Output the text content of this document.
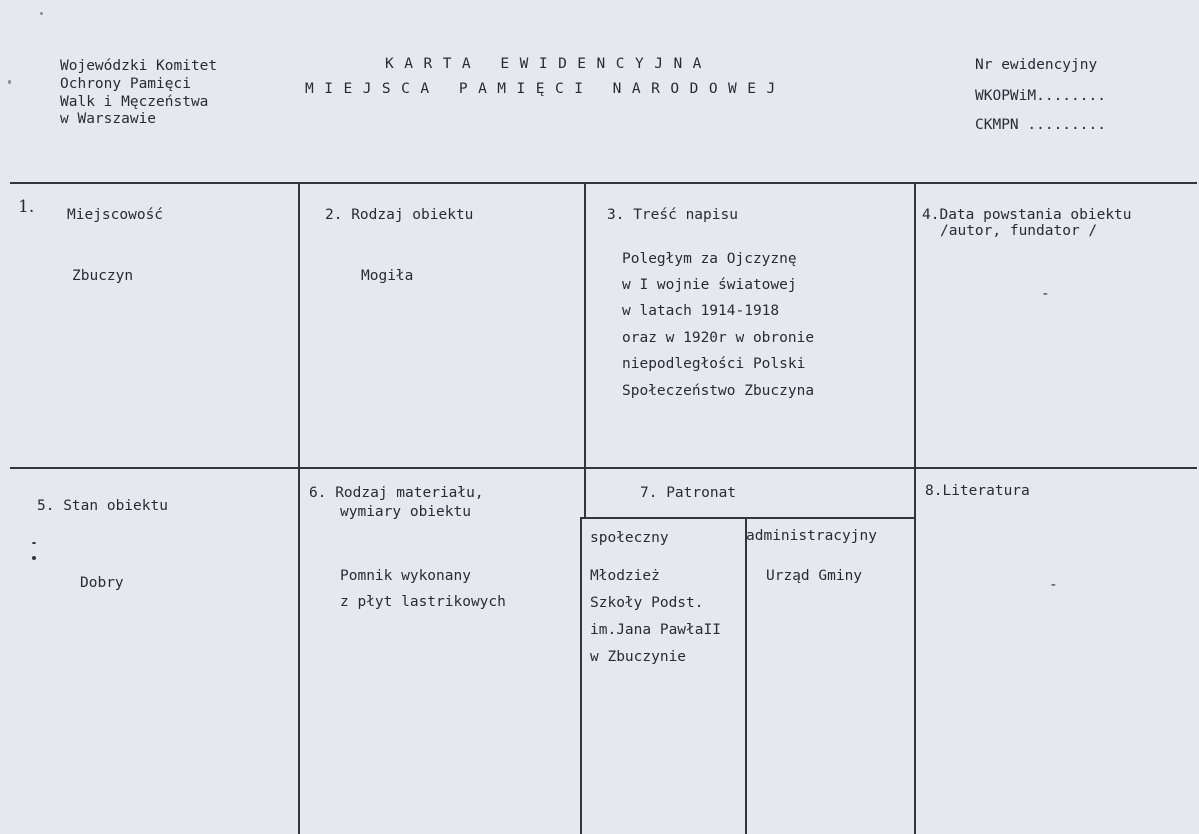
Wojewódzki Komitet
Ochrony Pamięci
Walk i Męczeństwa
w Warszawie
KARTA EWIDENCYJNA
MIEJSCA PAMIĘCI NARODOWEJ
Nr ewidencyjny
WKOPWiM........
CKMPN .........
1. Miejscowość
Zbuczyn
2. Rodzaj obiektu
Mogiła
3. Treść napisu
Poległym za Ojczyznę
w I wojnie światowej
w latach 1914-1918
oraz w 1920r w obronie
niepodległości Polski
Społeczeństwo Zbuczyna
4.Data powstania obiektu
/autor, fundator /
-
5. Stan obiektu
Dobry
6. Rodzaj materiału,
wymiary obiektu
Pomnik wykonany
z płyt lastrikowych
7. Patronat
społeczny	administracyjny
Młodzież
Szkoły Podst.
im.Jana PawłaII
w Zbuczynie
Urząd Gminy
8.Literatura
-
